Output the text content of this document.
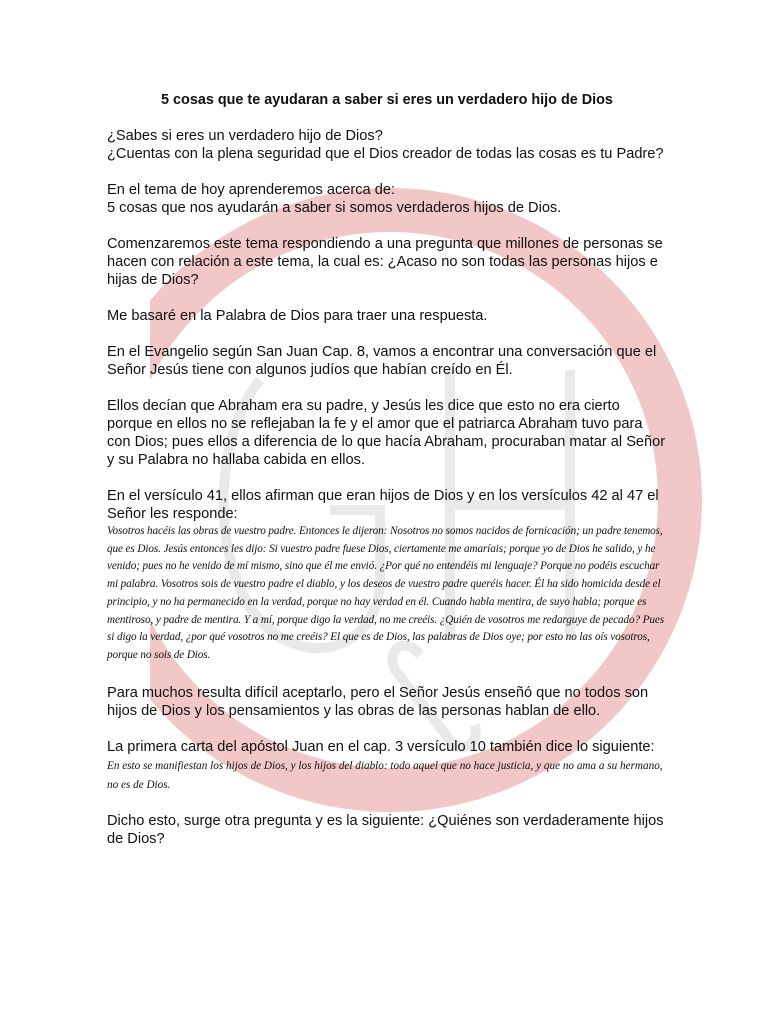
5 cosas que te ayudaran a saber si eres un verdadero hijo de Dios

¿Sabes si eres un verdadero hijo de Dios?
¿Cuentas con la plena seguridad que el Dios creador de todas las cosas es tu Padre?

En el tema de hoy aprenderemos acerca de:
5 cosas que nos ayudarán a saber si somos verdaderos hijos de Dios.

Comenzaremos este tema respondiendo a una pregunta que millones de personas se hacen con relación a este tema, la cual es: ¿Acaso no son todas las personas hijos e hijas de Dios?

Me basaré en la Palabra de Dios para traer una respuesta.

En el Evangelio según San Juan Cap. 8, vamos a encontrar una conversación que el Señor Jesús tiene con algunos judíos que habían creído en Él.

Ellos decían que Abraham era su padre, y Jesús les dice que esto no era cierto porque en ellos no se reflejaban la fe y el amor que el patriarca Abraham tuvo para con Dios; pues ellos a diferencia de lo que hacía Abraham, procuraban matar al Señor y su Palabra no hallaba cabida en ellos.

En el versículo 41, ellos afirman que eran hijos de Dios y en los versículos 42 al 47 el Señor les responde:

Vosotros hacéis las obras de vuestro padre. Entonces le dijeron: Nosotros no somos nacidos de fornicación; un padre tenemos, que es Dios. Jesús entonces les dijo: Si vuestro padre fuese Dios, ciertamente me amaríais; porque yo de Dios he salido, y he venido; pues no he venido de mí mismo, sino que él me envió. ¿Por qué no entendéis mi lenguaje? Porque no podéis escuchar mi palabra. Vosotros sois de vuestro padre el diablo, y los deseos de vuestro padre queréis hacer. Él ha sido homicida desde el principio, y no ha permanecido en la verdad, porque no hay verdad en él. Cuando habla mentira, de suyo habla; porque es mentiroso, y padre de mentira. Y a mí, porque digo la verdad, no me creéis. ¿Quién de vosotros me redarguye de pecado? Pues si digo la verdad, ¿por qué vosotros no me creéis? El que es de Dios, las palabras de Dios oye; por esto no las oís vosotros, porque no sois de Dios.

Para muchos resulta difícil aceptarlo, pero el Señor Jesús enseñó que no todos son hijos de Dios y los pensamientos y las obras de las personas hablan de ello.

La primera carta del apóstol Juan en el cap. 3 versículo 10 también dice lo siguiente: En esto se manifiestan los hijos de Dios, y los hijos del diablo: todo aquel que no hace justicia, y que no ama a su hermano, no es de Dios.

Dicho esto, surge otra pregunta y es la siguiente: ¿Quiénes son verdaderamente hijos de Dios?
